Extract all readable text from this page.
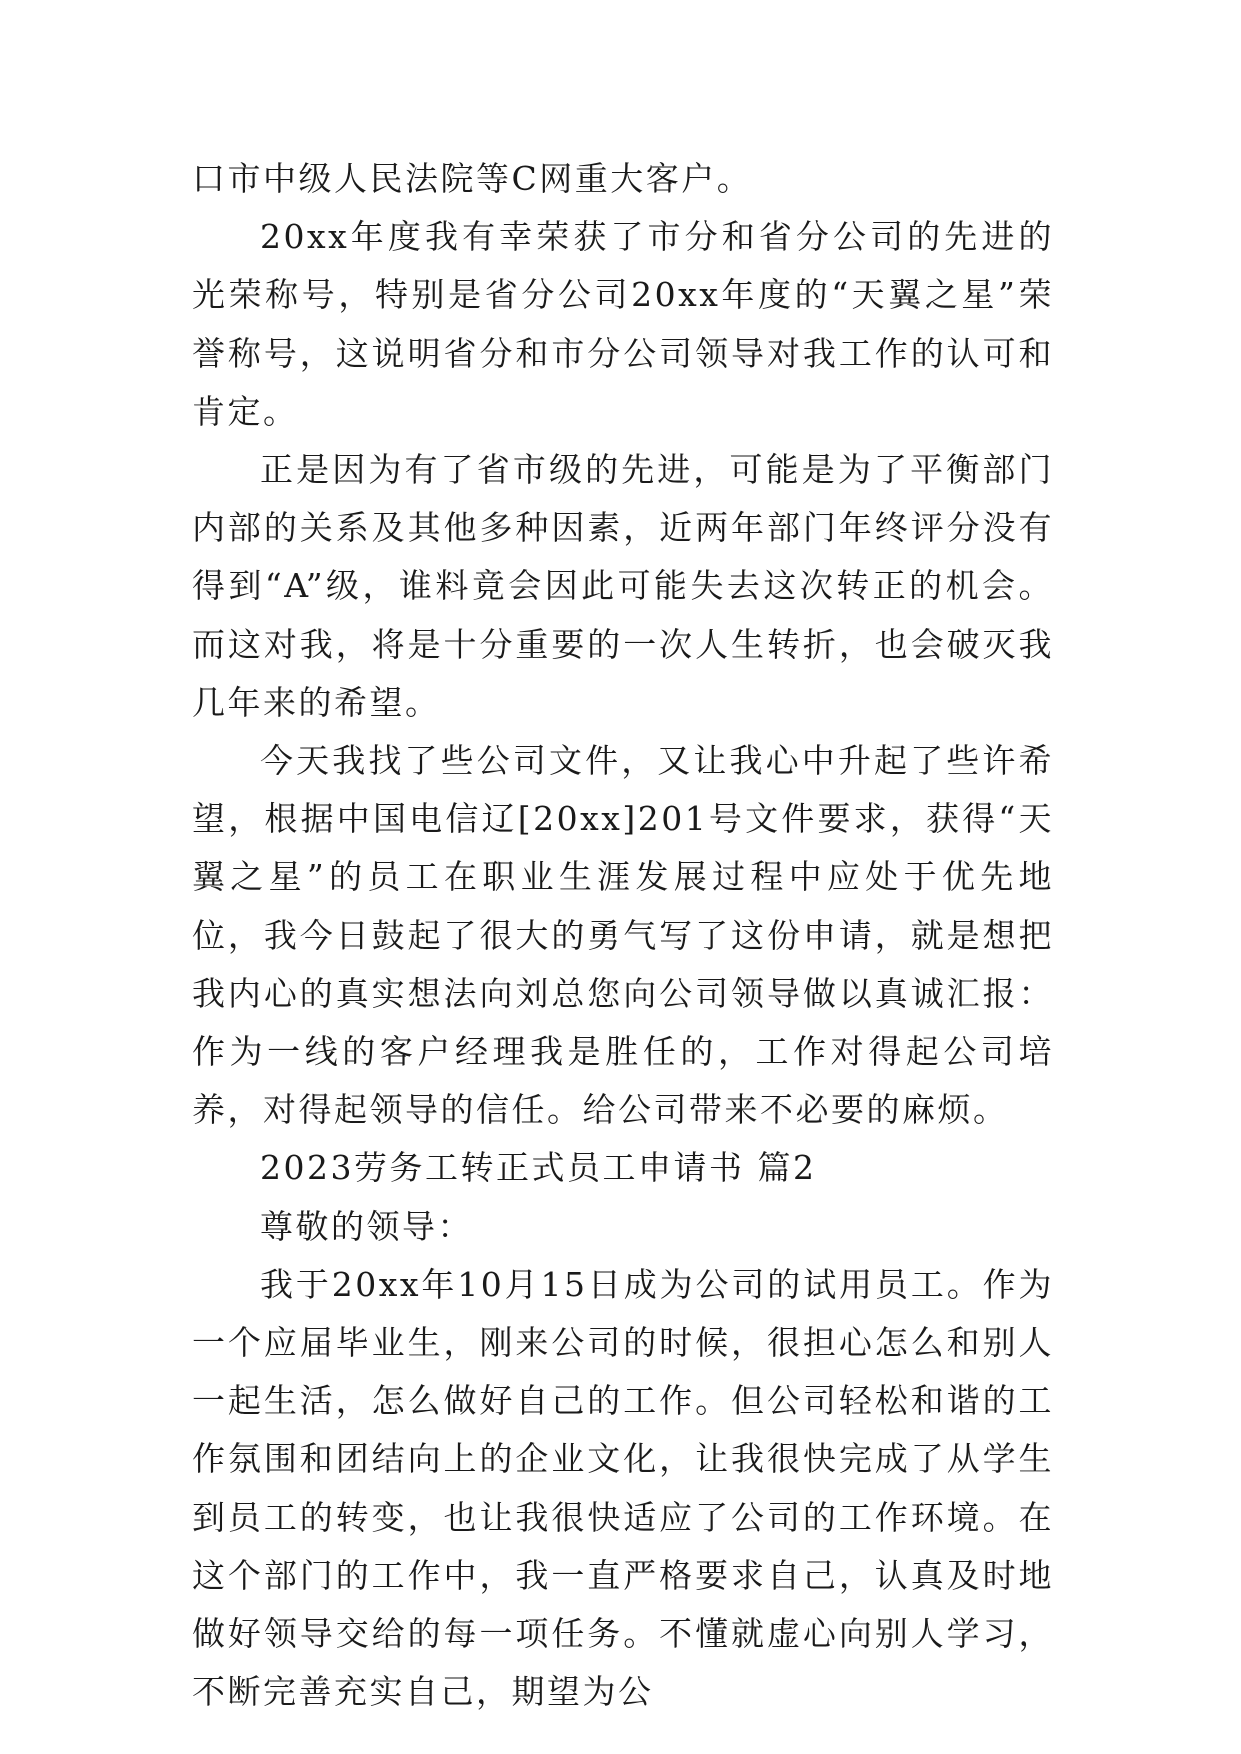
口市中级人民法院等C网重大客户。

20xx年度我有幸荣获了市分和省分公司的先进的光荣称号，特别是省分公司20xx年度的“天翼之星”荣誉称号，这说明省分和市分公司领导对我工作的认可和肯定。

正是因为有了省市级的先进，可能是为了平衡部门内部的关系及其他多种因素，近两年部门年终评分没有得到“A”级，谁料竟会因此可能失去这次转正的机会。而这对我，将是十分重要的一次人生转折，也会破灭我几年来的希望。

今天我找了些公司文件，又让我心中升起了些许希望，根据中国电信辽[20xx]201号文件要求，获得“天翼之星”的员工在职业生涯发展过程中应处于优先地位，我今日鼓起了很大的勇气写了这份申请，就是想把我内心的真实想法向刘总您向公司领导做以真诚汇报：作为一线的客户经理我是胜任的，工作对得起公司培养，对得起领导的信任。给公司带来不必要的麻烦。

2023劳务工转正式员工申请书 篇2

尊敬的领导：

我于20xx年10月15日成为公司的试用员工。作为一个应届毕业生，刚来公司的时候，很担心怎么和别人一起生活，怎么做好自己的工作。但公司轻松和谐的工作氛围和团结向上的企业文化，让我很快完成了从学生到员工的转变，也让我很快适应了公司的工作环境。在这个部门的工作中，我一直严格要求自己，认真及时地做好领导交给的每一项任务。不懂就虚心向别人学习，不断完善充实自己，期望为公
